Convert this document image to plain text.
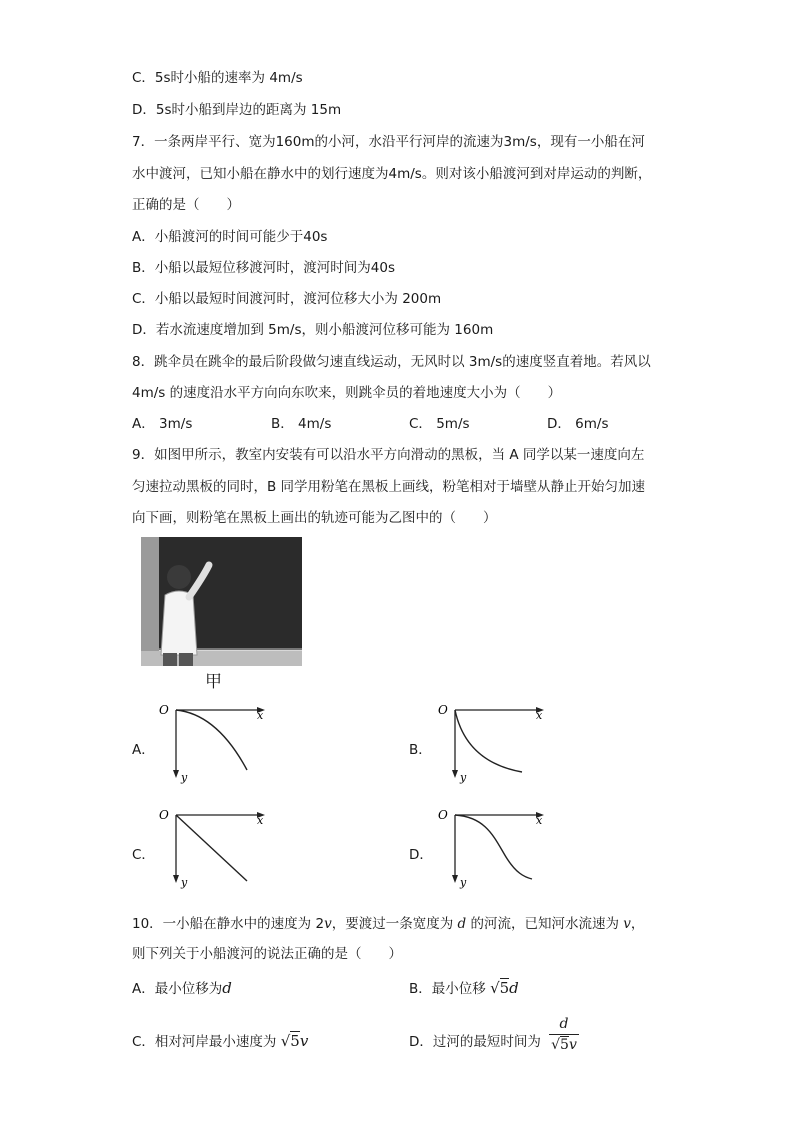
C．5s时小船的速率为 4m/s
D．5s时小船到岸边的距离为 15m
7．一条两岸平行、宽为160m的小河，水沿平行河岸的流速为3m/s，现有一小船在河
水中渡河，已知小船在静水中的划行速度为4m/s。则对该小船渡河到对岸运动的判断，
正确的是（　　）
A．小船渡河的时间可能少于40s
B．小船以最短位移渡河时，渡河时间为40s
C．小船以最短时间渡河时，渡河位移大小为 200m
D．若水流速度增加到 5m/s，则小船渡河位移可能为 160m
8．跳伞员在跳伞的最后阶段做匀速直线运动，无风时以 3m/s的速度竖直着地。若风以
4m/s 的速度沿水平方向向东吹来，则跳伞员的着地速度大小为（　　）
A． 3m/s	B． 4m/s	C． 5m/s	D． 6m/s
9．如图甲所示，教室内安装有可以沿水平方向滑动的黑板，当 A 同学以某一速度向左
匀速拉动黑板的同时，B 同学用粉笔在黑板上画线，粉笔相对于墙壁从静止开始匀加速
向下画，则粉笔在黑板上画出的轨迹可能为乙图中的（　　）
甲
A．
O	x
y
B．
O	x
y
C．
O	x
y
D．
O	x
y
10．一小船在静水中的速度为 2v，要渡过一条宽度为 d 的河流，已知河水流速为 v，
则下列关于小船渡河的说法正确的是（　　）
A．最小位移为d	B．最小位移 √5d
C．相对河岸最小速度为 √5v	D．过河的最短时间为
d
√5v
